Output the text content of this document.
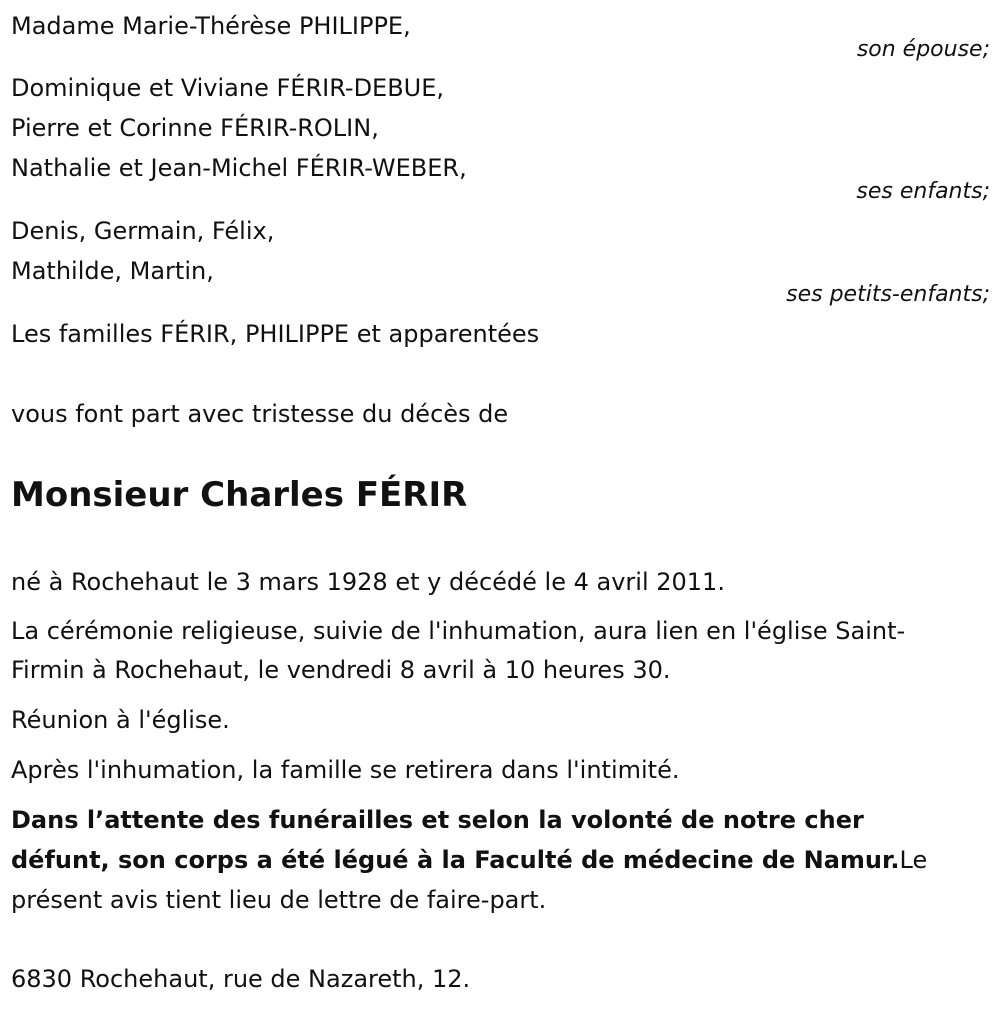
Madame Marie-Thérèse PHILIPPE,
son épouse;
Dominique et Viviane FÉRIR-DEBUE,
Pierre et Corinne FÉRIR-ROLIN,
Nathalie et Jean-Michel FÉRIR-WEBER,
ses enfants;
Denis, Germain, Félix,
Mathilde, Martin,
ses petits-enfants;
Les familles FÉRIR, PHILIPPE et apparentées
vous font part avec tristesse du décès de
Monsieur Charles FÉRIR
né à Rochehaut le 3 mars 1928 et y décédé le 4 avril 2011.
La cérémonie religieuse, suivie de l'inhumation, aura lien en l'église Saint-
Firmin à Rochehaut, le vendredi 8 avril à 10 heures 30.
Réunion à l'église.
Après l'inhumation, la famille se retirera dans l'intimité.
Dans l’attente des funérailles et selon la volonté de notre cher
défunt, son corps a été légué à la Faculté de médecine de Namur.Le
présent avis tient lieu de lettre de faire-part.
6830 Rochehaut, rue de Nazareth, 12.
